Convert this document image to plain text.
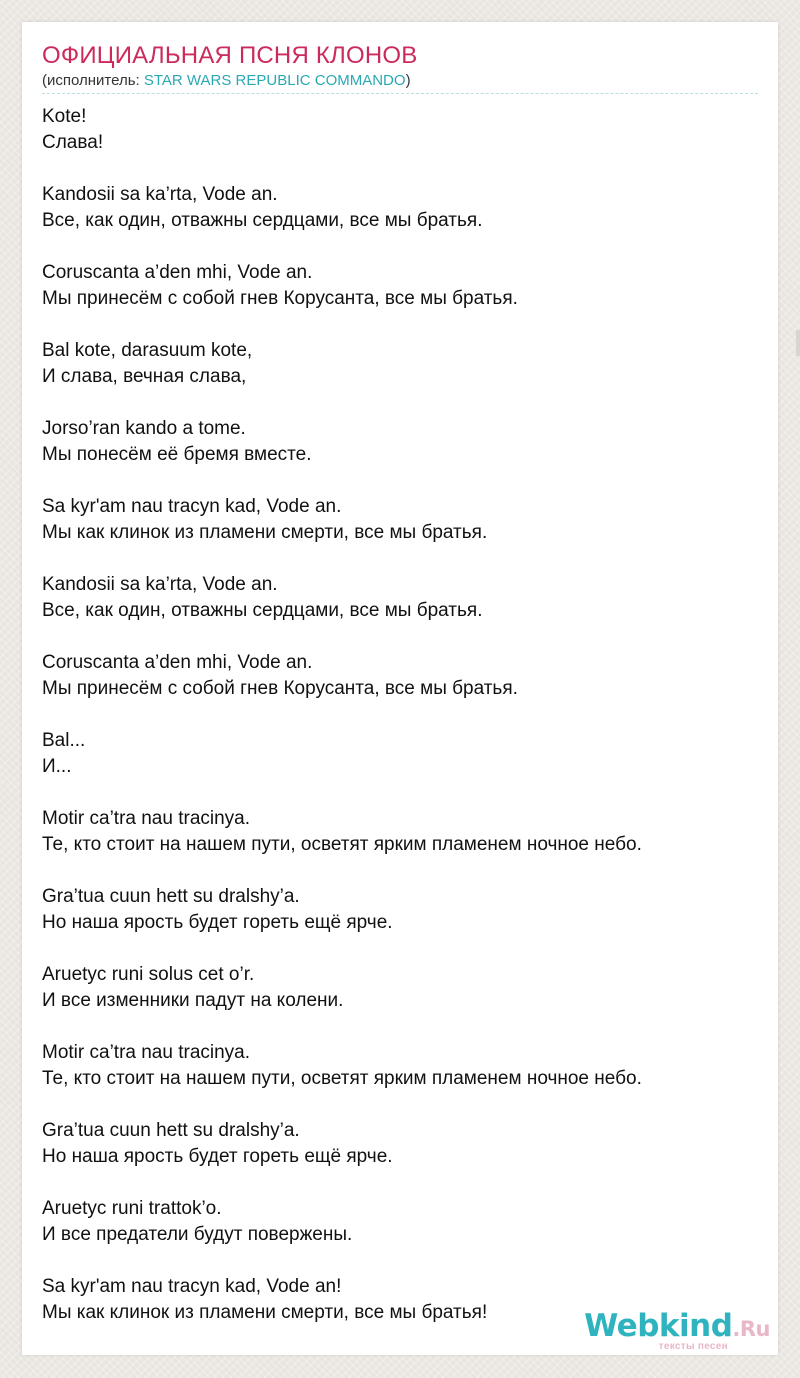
ОФИЦИАЛЬНАЯ ПСНЯ КЛОНОВ
(исполнитель: STAR WARS REPUBLIC COMMANDO)
Kote!
Слава!
Kandosii sa ka’rta, Vode an.
Все, как один, отважны сердцами, все мы братья.
Coruscanta a’den mhi, Vode an.
Мы принесём с собой гнев Корусанта, все мы братья.
Bal kote, darasuum kote,
И слава, вечная слава,
Jorso’ran kando a tome.
Мы понесём её бремя вместе.
Sa kyr'am nau tracyn kad, Vode an.
Мы как клинок из пламени смерти, все мы братья.
Kandosii sa ka’rta, Vode an.
Все, как один, отважны сердцами, все мы братья.
Coruscanta a’den mhi, Vode an.
Мы принесём с собой гнев Корусанта, все мы братья.
Bal...
И...
Motir ca’tra nau tracinya.
Те, кто стоит на нашем пути, осветят ярким пламенем ночное небо.
Gra’tua cuun hett su dralshy’a.
Но наша ярость будет гореть ещё ярче.
Aruetyc runi solus cet o’r.
И все изменники падут на колени.
Motir ca’tra nau tracinya.
Те, кто стоит на нашем пути, осветят ярким пламенем ночное небо.
Gra’tua cuun hett su dralshy’a.
Но наша ярость будет гореть ещё ярче.
Aruetyc runi trattok’o.
И все предатели будут повержены.
Sa kyr'am nau tracyn kad, Vode an!
Мы как клинок из пламени смерти, все мы братья!	Webkind.Ru
тексты песен
